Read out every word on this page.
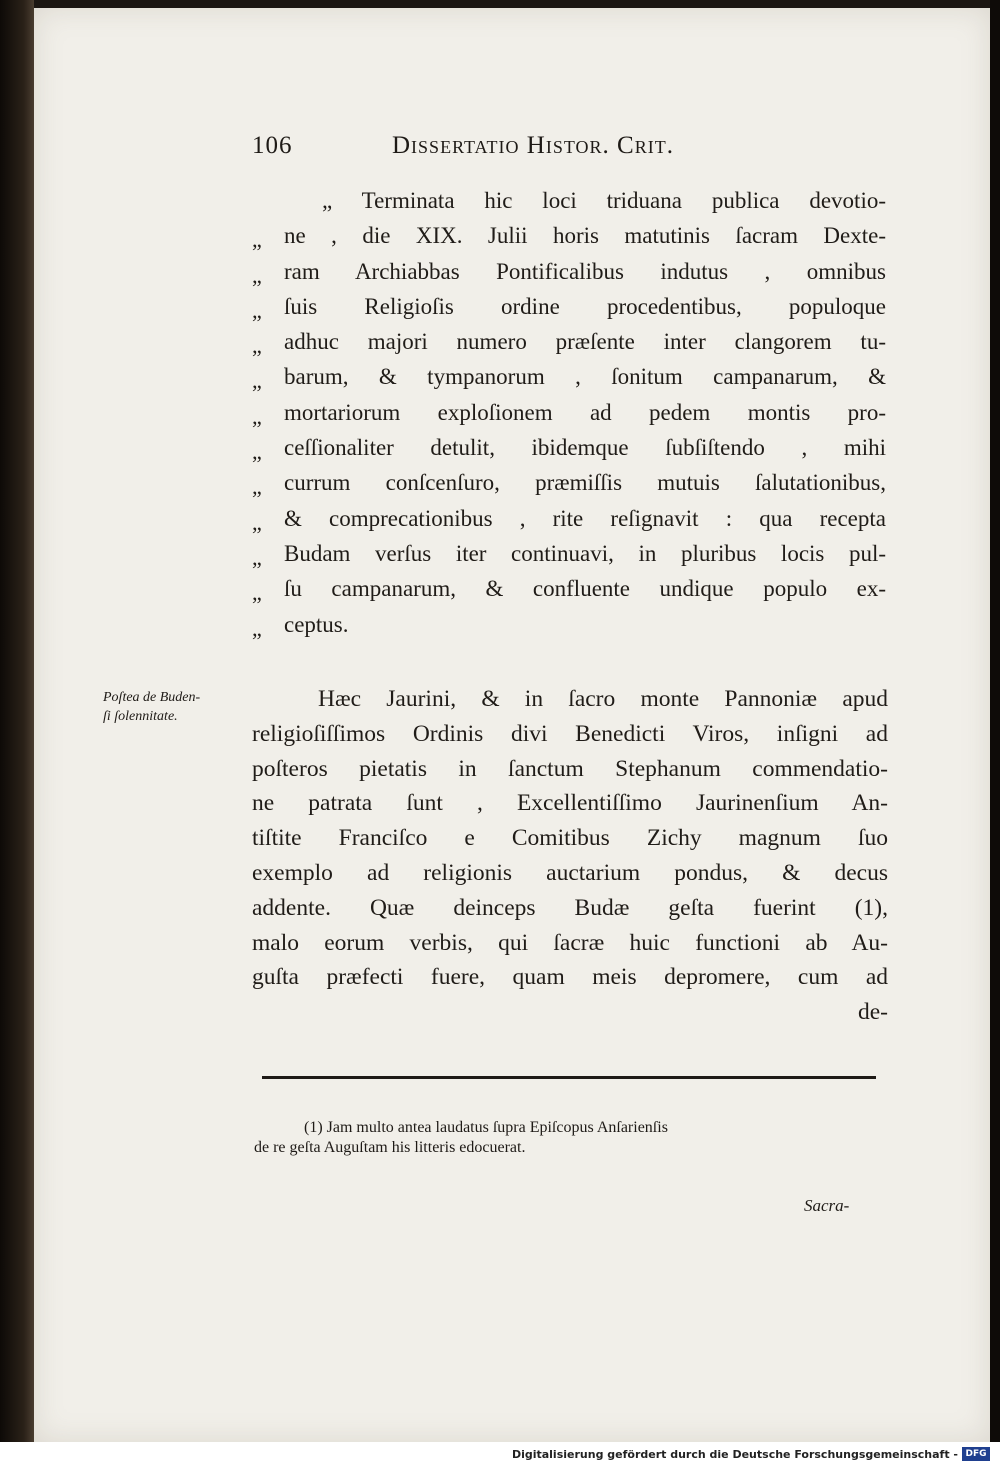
106	Dissertatio Histor. Crit.
„ Terminata hic loci triduana publica devotio-
„ ne , die XIX. Julii horis matutinis ſacram Dexte-
„ ram Archiabbas Pontificalibus indutus , omnibus
„ ſuis Religioſis ordine procedentibus, populoque
„ adhuc majori numero præſente inter clangorem tu-
„ barum, & tympanorum , ſonitum campanarum, &
„ mortariorum exploſionem ad pedem montis pro-
„ ceſſionaliter detulit, ibidemque ſubſiſtendo , mihi
„ currum conſcenſuro, præmiſſis mutuis ſalutationibus,
„ & comprecationibus , rite reſignavit : qua recepta
„ Budam verſus iter continuavi, in pluribus locis pul-
„ ſu campanarum, & confluente undique populo ex-
„ ceptus.
Poſtea de Buden-
ſi ſolennitate.
Hæc Jaurini, & in ſacro monte Pannoniæ apud
religioſiſſimos Ordinis divi Benedicti Viros, inſigni ad
poſteros pietatis in ſanctum Stephanum commendatio-
ne patrata ſunt , Excellentiſſimo Jaurinenſium An-
tiſtite Franciſco e Comitibus Zichy magnum ſuo
exemplo ad religionis auctarium pondus, & decus
addente. Quæ deinceps Budæ geſta fuerint (1),
malo eorum verbis, qui ſacræ huic functioni ab Au-
guſta præfecti fuere, quam meis depromere, cum ad
de-
(1) Jam multo antea laudatus ſupra Epiſcopus Anſarienſis
de re geſta Auguſtam his litteris edocuerat.
Sacra-
Digitalisierung gefördert durch die Deutsche Forschungsgemeinschaft - DFG
